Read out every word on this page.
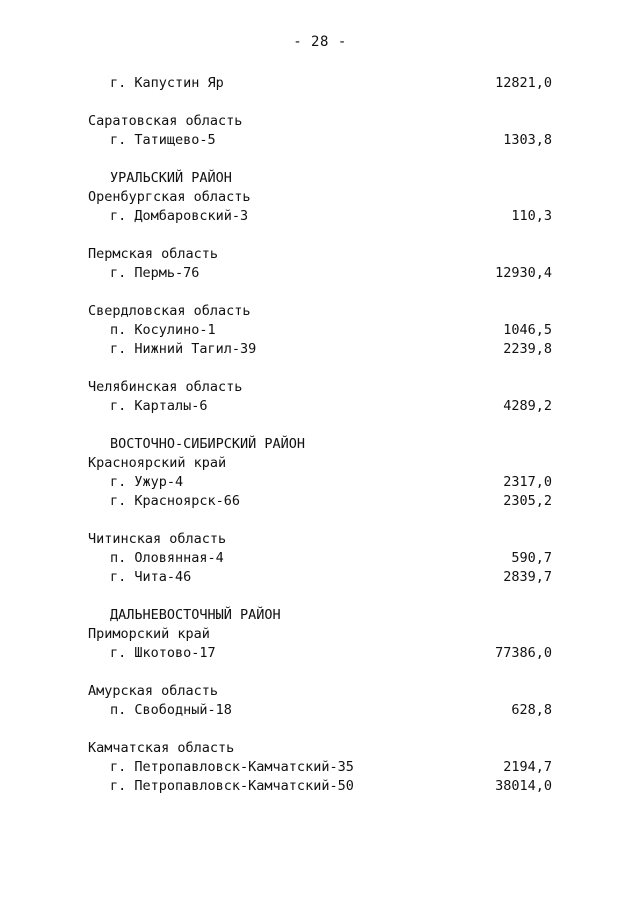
- 28 -
г. Капустин Яр	12821,0
Саратовская область
г. Татищево-5	1303,8
УРАЛЬСКИЙ РАЙОН
Оренбургская область
г. Домбаровский-3	110,3
Пермская область
г. Пермь-76	12930,4
Свердловская область
п. Косулино-1	1046,5
г. Нижний Тагил-39	2239,8
Челябинская область
г. Карталы-6	4289,2
ВОСТОЧНО-СИБИРСКИЙ РАЙОН
Красноярский край
г. Ужур-4	2317,0
г. Красноярск-66	2305,2
Читинская область
п. Оловянная-4	590,7
г. Чита-46	2839,7
ДАЛЬНЕВОСТОЧНЫЙ РАЙОН
Приморский край
г. Шкотово-17	77386,0
Амурская область
п. Свободный-18	628,8
Камчатская область
г. Петропавловск-Камчатский-35	2194,7
г. Петропавловск-Камчатский-50	38014,0
